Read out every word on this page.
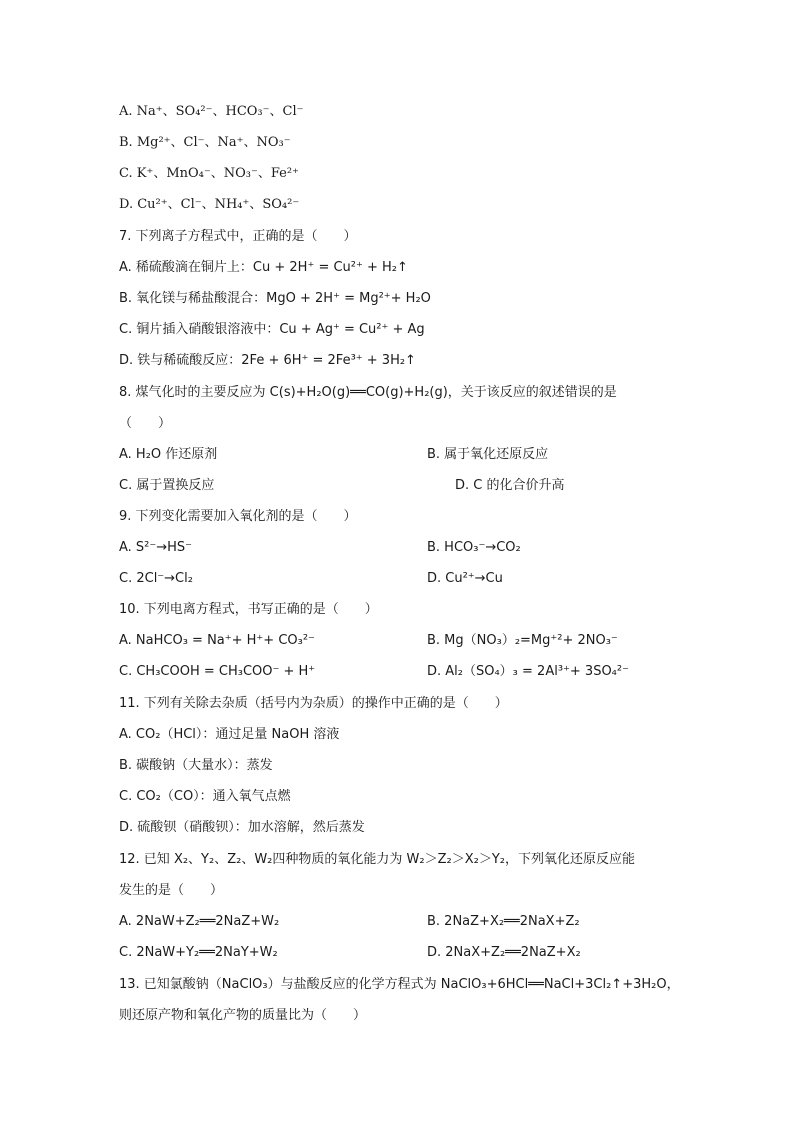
A. Na⁺、SO₄²⁻、HCO₃⁻、Cl⁻
B. Mg²⁺、Cl⁻、Na⁺、NO₃⁻
C. K⁺、MnO₄⁻、NO₃⁻、Fe²⁺
D. Cu²⁺、Cl⁻、NH₄⁺、SO₄²⁻
7. 下列离子方程式中，正确的是（　　）
A. 稀硫酸滴在铜片上：Cu + 2H⁺ = Cu²⁺ + H₂↑
B. 氧化镁与稀盐酸混合：MgO + 2H⁺ = Mg²⁺+ H₂O
C. 铜片插入硝酸银溶液中：Cu + Ag⁺ = Cu²⁺ + Ag
D. 铁与稀硫酸反应：2Fe + 6H⁺ = 2Fe³⁺ + 3H₂↑
8. 煤气化时的主要反应为 C(s)+H₂O(g)══CO(g)+H₂(g)，关于该反应的叙述错误的是
（　　）
A. H₂O 作还原剂	B. 属于氧化还原反应
C. 属于置换反应	D. C 的化合价升高
9. 下列变化需要加入氧化剂的是（　　）
A. S²⁻→HS⁻	B. HCO₃⁻→CO₂
C. 2Cl⁻→Cl₂	D. Cu²⁺→Cu
10. 下列电离方程式，书写正确的是（　　）
A. NaHCO₃ = Na⁺+ H⁺+ CO₃²⁻	B. Mg（NO₃）₂=Mg⁺²+ 2NO₃⁻
C. CH₃COOH = CH₃COO⁻ + H⁺	D. Al₂（SO₄）₃ = 2Al³⁺+ 3SO₄²⁻
11. 下列有关除去杂质（括号内为杂质）的操作中正确的是（　　）
A. CO₂（HCl）：通过足量 NaOH 溶液
B. 碳酸钠（大量水）：蒸发
C. CO₂（CO）：通入氧气点燃
D. 硫酸钡（硝酸钡）：加水溶解，然后蒸发
12. 已知 X₂、Y₂、Z₂、W₂四种物质的氧化能力为 W₂＞Z₂＞X₂＞Y₂，下列氧化还原反应能
发生的是（　　）
A. 2NaW+Z₂══2NaZ+W₂	B. 2NaZ+X₂══2NaX+Z₂
C. 2NaW+Y₂══2NaY+W₂	D. 2NaX+Z₂══2NaZ+X₂
13. 已知氯酸钠（NaClO₃）与盐酸反应的化学方程式为 NaClO₃+6HCl══NaCl+3Cl₂↑+3H₂O，
则还原产物和氧化产物的质量比为（　　）
